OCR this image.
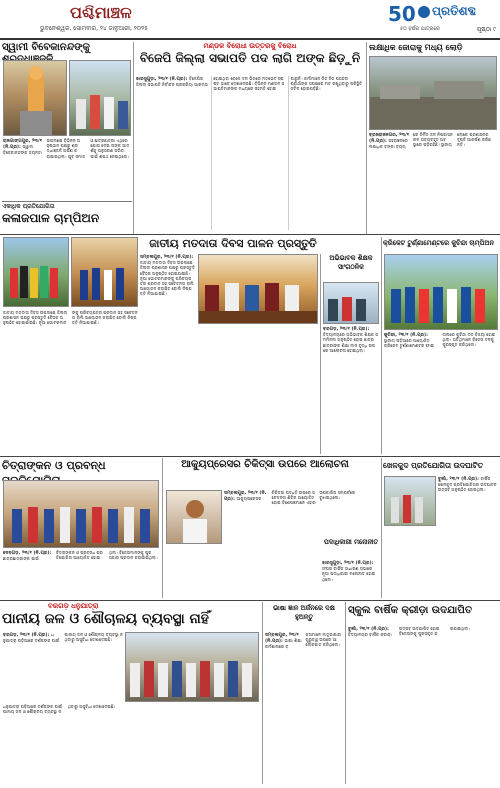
ପଶ୍ଚିମାଞ୍ଚଳ
ଭୁବନେଶ୍ୱର, ସୋମବାର, ୨୪ ଜାନୁଆରୀ, ୨୦୨୫
50 ପ୍ରତିଶବ୍ଦ
୫୦ ବର୍ଷର ଯାତ୍ରାରେ	ପୃଷ୍ଠା ୯
ସ୍ୱାମୀ ବିବେକାନନ୍ଦଙ୍କୁ
ରାଜଗାଙ୍ଗପୁର, ୨୩/୧ (ନି.ପ୍ର): ସ୍ୱାମୀ ବିବେକାନନ୍ଦଙ୍କ ଜୟନ୍ତୀ ଉପଲକ୍ଷେ ବିଭିନ୍ନ ଅନୁଷ୍ଠାନ ପକ୍ଷରୁ ଶ୍ରଦ୍ଧାଞ୍ଜଳି ଅର୍ପଣ କରାଯାଇଥିଲା। ଯୁବ ସମାଜ ଓ ଛାତ୍ରଛାତ୍ରୀ ଏଥିରେ ଯୋଗ ଦେଇ ତାଙ୍କ ଆଦର୍ଶକୁ ଅନୁସରଣ କରିବା ପାଇଁ ଶପଥ ନେଇଥିଲେ।
ଏକାଧିକ ପ୍ରତିଯୋଗିତା
କଳାଜପାଳ ଚାମ୍ପିଅନ
ମଣ୍ଡଳ ବିରୋଧୀ ଉତ୍ତରକୁ ବିରୋଧ
ବିଜେପି ଜିଲ୍ଲା ସଭାପତି ପଦ ଲାଗି ଅଙ୍କ ଛିଡ଼ୁନି
ଝାରସୁଗୁଡ଼ା, ୨୩/୧ (ନି.ପ୍ର): ବିଜେପିର ଜିଲ୍ଲା ସଭାପତି ନିର୍ବାଚନ ପ୍ରକ୍ରିୟା ଆରମ୍ଭ ହୋଇଥିବା ବେଳେ ଦଳ ଭିତରେ ମତଭେଦ ସ୍ପଷ୍ଟ ଭାବେ ଦେଖାଦେଇଛି। ବିଭିନ୍ନ ମଣ୍ଡଳ ସଭାପତିମାନଙ୍କ ମଧ୍ୟରେ ସହମତି ହୋଇପାରୁନି। କର୍ମୀମାନେ ନିଜ ନିଜ ପସନ୍ଦର ପ୍ରାର୍ଥୀଙ୍କ ସପକ୍ଷରେ ମତ ରଖୁଥିବାରୁ ପରିସ୍ଥିତି ଜଟିଳ ହୋଇପଡ଼ିଛି।
ଲକ୍ଷାଧିକ ଜୋରାକୁ ମଧ୍ୟ ଲୋଡ଼ି
ବ୍ରଜରାଜନଗର, ୨୩/୧ (ନି.ପ୍ର): ସହରାଞ୍ଚଳରେ ଲକ୍ଷାଧିକ ଟଙ୍କା ବ୍ୟୟରେ ନିର୍ମିତ ଜଳ ନିଷ୍କାସନ ନାଳ ଅବ୍ୟବହୃତ ଅବସ୍ଥାରେ ପଡ଼ିରହିଛି। ସ୍ଥାନୀୟ ଲୋକେ ପ୍ରଶାସନର ଦୃଷ୍ଟି ଆକର୍ଷଣ କରିଛନ୍ତି।
ଜାତୀୟ ମତଦାତା ଦିବସ ପାଳନ ପ୍ରସ୍ତୁତି
ସମ୍ବଲପୁର, ୨୩/୧ (ନି.ପ୍ର): ଜାତୀୟ ମତଦାତା ଦିବସ ଉପଲକ୍ଷେ ଜିଲ୍ଲା ପ୍ରଶାସନ ପକ୍ଷରୁ ପ୍ରସ୍ତୁତି ବୈଠକ ଅନୁଷ୍ଠିତ ହୋଇଯାଇଛି। ନୂଆ ଭୋଟରମାନଙ୍କୁ ପରିଚୟପତ୍ର ପ୍ରଦାନ ସହ ସଚେତନତା ରାଲି ଆୟୋଜନ କରାଯିବ ବୋଲି ନିଷ୍ପତ୍ତି ନିଆଯାଇଛି।
ଜାତୀୟ ମତଦାତା ଦିବସ ଉପଲକ୍ଷେ ଜିଲ୍ଲା ପ୍ରଶାସନ ପକ୍ଷରୁ ପ୍ରସ୍ତୁତି ବୈଠକ ଅନୁଷ୍ଠିତ ହୋଇଯାଇଛି। ନୂଆ ଭୋଟରମାନଙ୍କୁ ପରିଚୟପତ୍ର ପ୍ରଦାନ ସହ ସଚେତନତା ରାଲି ଆୟୋଜନ କରାଯିବ ବୋଲି ନିଷ୍ପତ୍ତି ନିଆଯାଇଛି।
ଅଭିଭାବକ ଶିକ୍ଷକ ସାଂଗଠନିକ
ବରଗଡ଼, ୨୩/୧ (ନି.ପ୍ର): ବିଦ୍ୟାଳୟରେ ଅଭିଭାବକ ଶିକ୍ଷକ ସମ୍ମିଳନୀ ଅନୁଷ୍ଠିତ ହୋଇ ଛାତ୍ରଛାତ୍ରୀଙ୍କ ଶିକ୍ଷା ମାନ ବୃଦ୍ଧି ଉପରେ ଆଲୋଚନା ହୋଇଥିଲା।
କ୍ରିକେଟ ଟୁର୍ଣ୍ଣାମେଣ୍ଟରେ କୁଚିନ୍ଦା ଚାମ୍ପିଅନ
କୁଚିନ୍ଦା, ୨୩/୧ (ନି.ପ୍ର): ସ୍ଥାନୀୟ ପଡ଼ିଆରେ ଆୟୋଜିତ କ୍ରିକେଟ ଟୁର୍ଣ୍ଣାମେଣ୍ଟର ଫାଇନାଲରେ କୁଚିନ୍ଦା ଦଳ ବିଜୟୀ ହୋଇଥିଲା। ଅତିଥିମାନେ ବିଜେତା ଦଳକୁ ପୁରସ୍କୃତ କରିଥିଲେ।
ଚିତ୍ରାଙ୍କନ ଓ ପ୍ରବନ୍ଧ
ଦେବଗଡ଼, ୨୩/୧ (ନି.ପ୍ର): ଛାତ୍ରଛାତ୍ରୀଙ୍କ ପାଇଁ ଚିତ୍ରାଙ୍କନ ଓ ପ୍ରବନ୍ଧ ପ୍ରତିଯୋଗିତା ଆୟୋଜିତ ହୋଇଥିଲା। ବିଜେତାମାନଙ୍କୁ ପୁରସ୍କାର ପ୍ରଦାନ କରାଯାଇଥିଲା।
ଆକ୍ୟୁପ୍ରେସର ଚିକିତ୍ସା ଉପରେ ଆଲୋଚନା
ସମ୍ବଲପୁର, ୨୩/୧ (ନି.ପ୍ର): ଆକ୍ୟୁପ୍ରେସର ଚିକିତ୍ସା ପଦ୍ଧତି ଉପରେ ସଚେତନତା ଶିବିର ଆୟୋଜିତ ହୋଇ ବିଶେଷଜ୍ଞମାନେ ଏହାର ଉପକାରିତା ସମ୍ପର୍କରେ ବୁଝାଇଥିଲେ।
ପଦାଧିକାରୀ ମନୋନୀତ
ଝାରସୁଗୁଡ଼ା, ୨୩/୧ (ନି.ପ୍ର): ସଂଘର ବାର୍ଷିକ ସାଧାରଣ ସଭାରେ ନୂଆ ପଦାଧିକାରୀ ମନୋନୀତ ହୋଇଥିଲେ।
ଖେଳକୁଦ ପ୍ରତିଯୋଗିତା ଉଦଘାଟିତ
ବୁର୍ଲା, ୨୩/୧ (ନି.ପ୍ର): ବାର୍ଷିକ ଖେଳକୁଦ ପ୍ରତିଯୋଗିତାର ଉଦଘାଟନ ଉତ୍ସବ ଅନୁଷ୍ଠିତ ହୋଇଥିଲା।
ବରଗଡ଼ ଧନୁଯାତ୍ରା
ପାନୀୟ ଜଳ ଓ ଶୌଚାଳୟ ବ୍ୟବସ୍ଥା ନାହିଁ
ବରଗଡ଼, ୨୩/୧ (ନି.ପ୍ର): ଧନୁଯାତ୍ରା ପଡ଼ିଆରେ ଦର୍ଶକଙ୍କ ପାଇଁ ପାନୀୟ ଜଳ ଓ ଶୌଚାଳୟ ବ୍ୟବସ୍ଥା ନଥିବାରୁ ଅସୁବିଧା ଦେଖାଦେଇଛି।
ଧନୁଯାତ୍ରା ପଡ଼ିଆରେ ଦର୍ଶକଙ୍କ ପାଇଁ ପାନୀୟ ଜଳ ଓ ଶୌଚାଳୟ ବ୍ୟବସ୍ଥା ନଥିବାରୁ ଅସୁବିଧା ଦେଖାଦେଇଛି।
ଭାଷା ଜ୍ଞାନ ଅର୍ଜନରେ ଦକ୍ଷ ହୁଅନ୍ତୁ
ସମ୍ବଲପୁର, ୨୩/୧ (ନି.ପ୍ର): ଭାଷା ଶିକ୍ଷା କର୍ମଶାଳାରେ ବକ୍ତାମାନେ ମାତୃଭାଷାର ଗୁରୁତ୍ୱ ଉପରେ ଆଲୋକପାତ କରିଥିଲେ।
ସ୍କୁଲ ବାର୍ଷିକ କ୍ରୀଡ଼ା ଉଦଯାପିତ
ବୁର୍ଲା, ୨୩/୧ (ନି.ପ୍ର): ବିଦ୍ୟାଳୟର ବାର୍ଷିକ କ୍ରୀଡ଼ା ଉତ୍ସବ ଉଦଯାପିତ ହୋଇ ବିଜେତାଙ୍କୁ ପୁରସ୍କୃତ କରାଯାଇଥିଲା।
